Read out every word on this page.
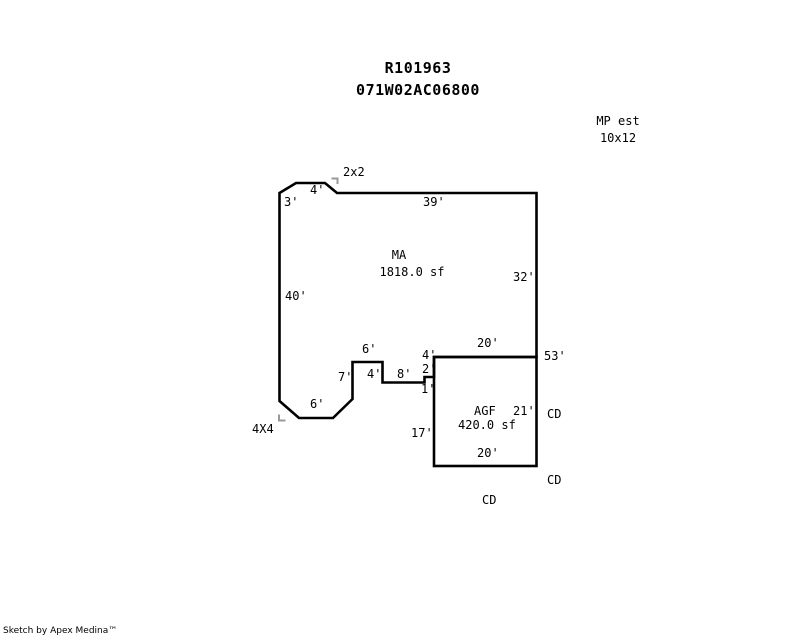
R101963
071W02AC06800
MP est
10x12
MA
1818.0 sf
AGF
420.0 sf
2x2
4'
3'	39'
32'
40'
20'
53'
4'
6'
2'
4'
7'	8'
1'
6'
4X4	17'
21'
20'
CD
CD
CD
Sketch by Apex Medina™
